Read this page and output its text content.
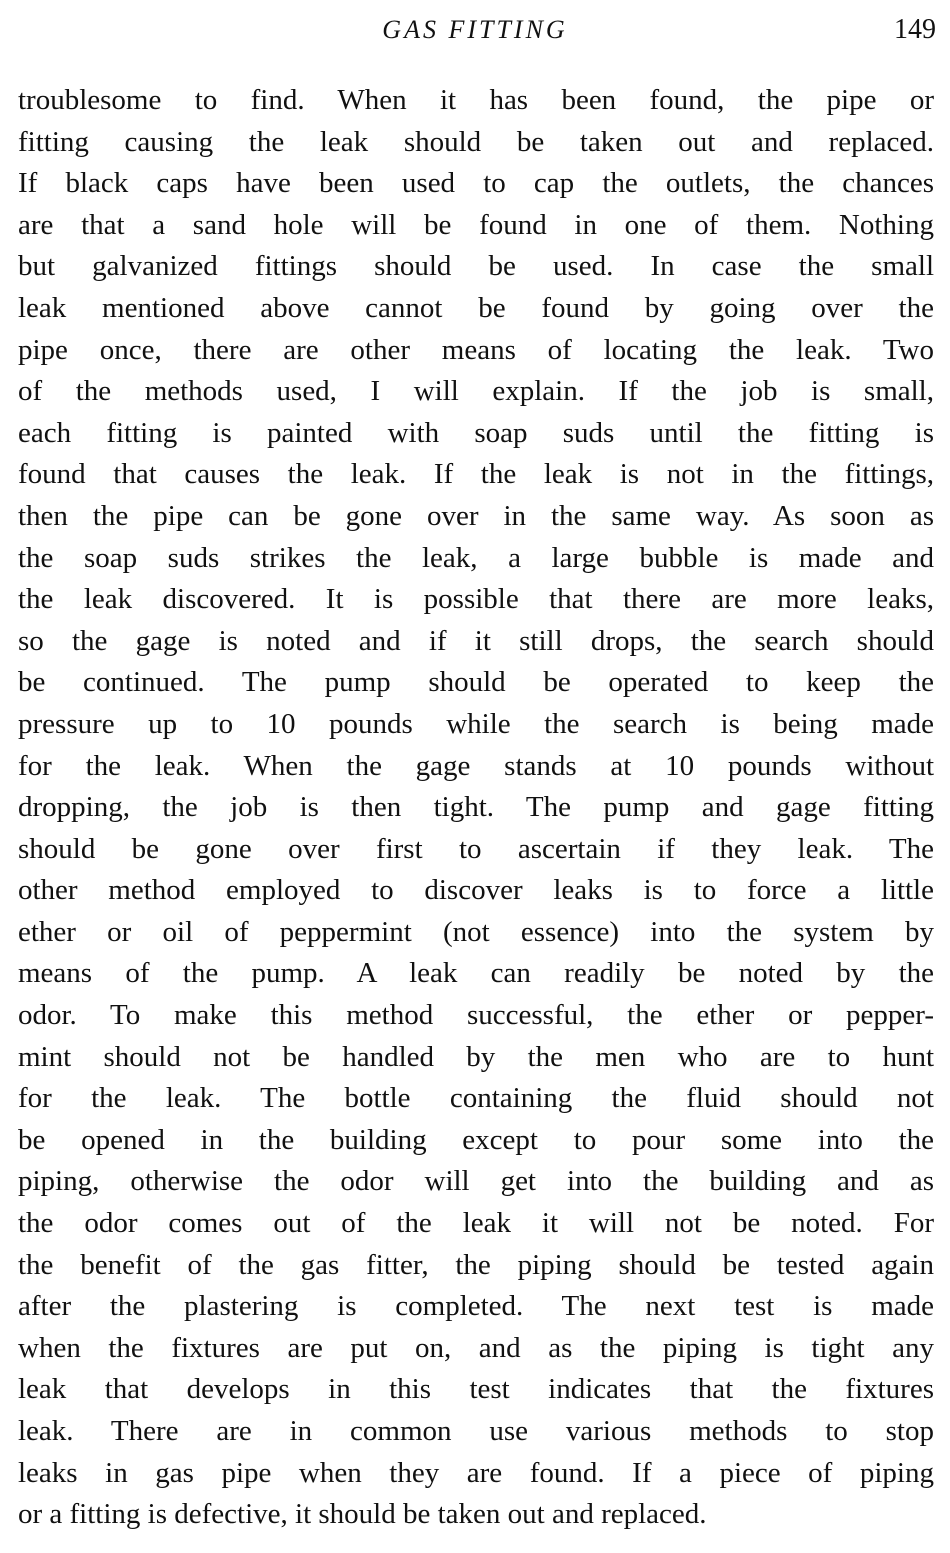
GAS FITTING	149
troublesome to find. When it has been found, the pipe or
fitting causing the leak should be taken out and replaced.
If black caps have been used to cap the outlets, the chances
are that a sand hole will be found in one of them. Nothing
but galvanized fittings should be used. In case the small
leak mentioned above cannot be found by going over the
pipe once, there are other means of locating the leak. Two
of the methods used, I will explain. If the job is small,
each fitting is painted with soap suds until the fitting is
found that causes the leak. If the leak is not in the fittings,
then the pipe can be gone over in the same way. As soon as
the soap suds strikes the leak, a large bubble is made and
the leak discovered. It is possible that there are more leaks,
so the gage is noted and if it still drops, the search should
be continued. The pump should be operated to keep the
pressure up to 10 pounds while the search is being made
for the leak. When the gage stands at 10 pounds without
dropping, the job is then tight. The pump and gage fitting
should be gone over first to ascertain if they leak. The
other method employed to discover leaks is to force a little
ether or oil of peppermint (not essence) into the system by
means of the pump. A leak can readily be noted by the
odor. To make this method successful, the ether or pepper-
mint should not be handled by the men who are to hunt
for the leak. The bottle containing the fluid should not
be opened in the building except to pour some into the
piping, otherwise the odor will get into the building and as
the odor comes out of the leak it will not be noted. For
the benefit of the gas fitter, the piping should be tested again
after the plastering is completed. The next test is made
when the fixtures are put on, and as the piping is tight any
leak that develops in this test indicates that the fixtures
leak. There are in common use various methods to stop
leaks in gas pipe when they are found. If a piece of piping
or a fitting is defective, it should be taken out and replaced.
